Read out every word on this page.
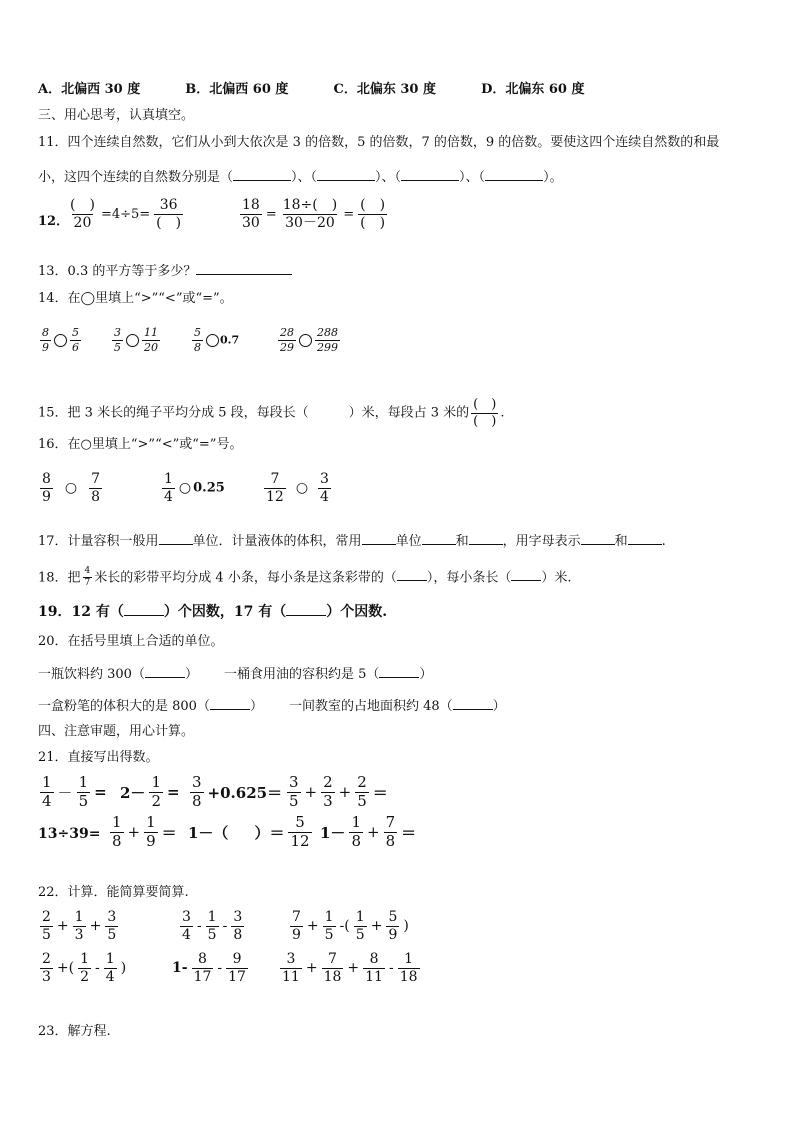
A．北偏西 30 度	B．北偏西 60 度	C．北偏东 30 度	D．北偏东 60 度
三、用心思考，认真填空。
11．四个连续自然数，它们从小到大依次是 3 的倍数，5 的倍数，7 的倍数，9 的倍数。要使这四个连续自然数的和最
小，这四个连续的自然数分别是（	）、（	）、（	）、（	）。
12．
$\frac{( )}{20} =4\div 5= \frac{36}{( )}$	$\frac{18}{30} = \frac{18\div( )}{30-20} = \frac{( )}{( )}$
13．0.3 的平方等于多少？
14．在◯里填上“>”“<”或“=”。
$\frac{8}{9} \frac{5}{6}$	$\frac{3}{5} \frac{11}{20}$	$\frac{5}{8} 0.7$	$\frac{28}{29} \frac{288}{299}$
15．把 3 米长的绳子平均分成 5 段，每段长（	）米，每段占 3 米的 $\frac{( )}{( )}$ .
16．在○里填上“>”“<”或“=”号。
$\frac{8}{9}$ ○ $\frac{7}{8}$	$\frac{1}{4}$ ○ 0.25	$\frac{7}{12}$ ○ $\frac{3}{4}$
17．计量容积一般用	单位．计量液体的体积，常用	单位	和	，用字母表示	和	.
18．把 $\frac{4}{7}$ 米长的彩带平均分成 4 小条，每小条是这条彩带的（ ），每小条长（ ）米.
19．12 有（	）个因数，17 有（	）个因数.
20．在括号里填上合适的单位。
一瓶饮料约 300（	） 一桶食用油的容积约是 5（	）
一盒粉笔的体积大的是 800（	） 一间教室的占地面积约 48（	）
四、注意审题，用心计算。
21．直接写出得数。
$\frac{1}{4} - \frac{1}{5} = 2- \frac{1}{2} = \frac{3}{8} +0.625= \frac{3}{5} + \frac{2}{3} + \frac{2}{5}$ ＝
$13\div 39= \frac{1}{8} + \frac{1}{9} = 1-$（ ）＝ $\frac{5}{12} 1- \frac{1}{8} + \frac{7}{8}$ ＝
22．计算．能简算要简算.
$\frac{2}{5} + \frac{1}{3} + \frac{3}{5}$	$\frac{3}{4} - \frac{1}{5} - \frac{3}{8}$	$\frac{7}{9} + \frac{1}{5}$ -( $\frac{1}{5} + \frac{5}{9}$ )
$\frac{2}{3}$ +( $\frac{1}{2} - \frac{1}{4}$ )	$1- \frac{8}{17} - \frac{9}{17} \frac{3}{11} + \frac{7}{18} + \frac{8}{11} - \frac{1}{18}$
23．解方程.
